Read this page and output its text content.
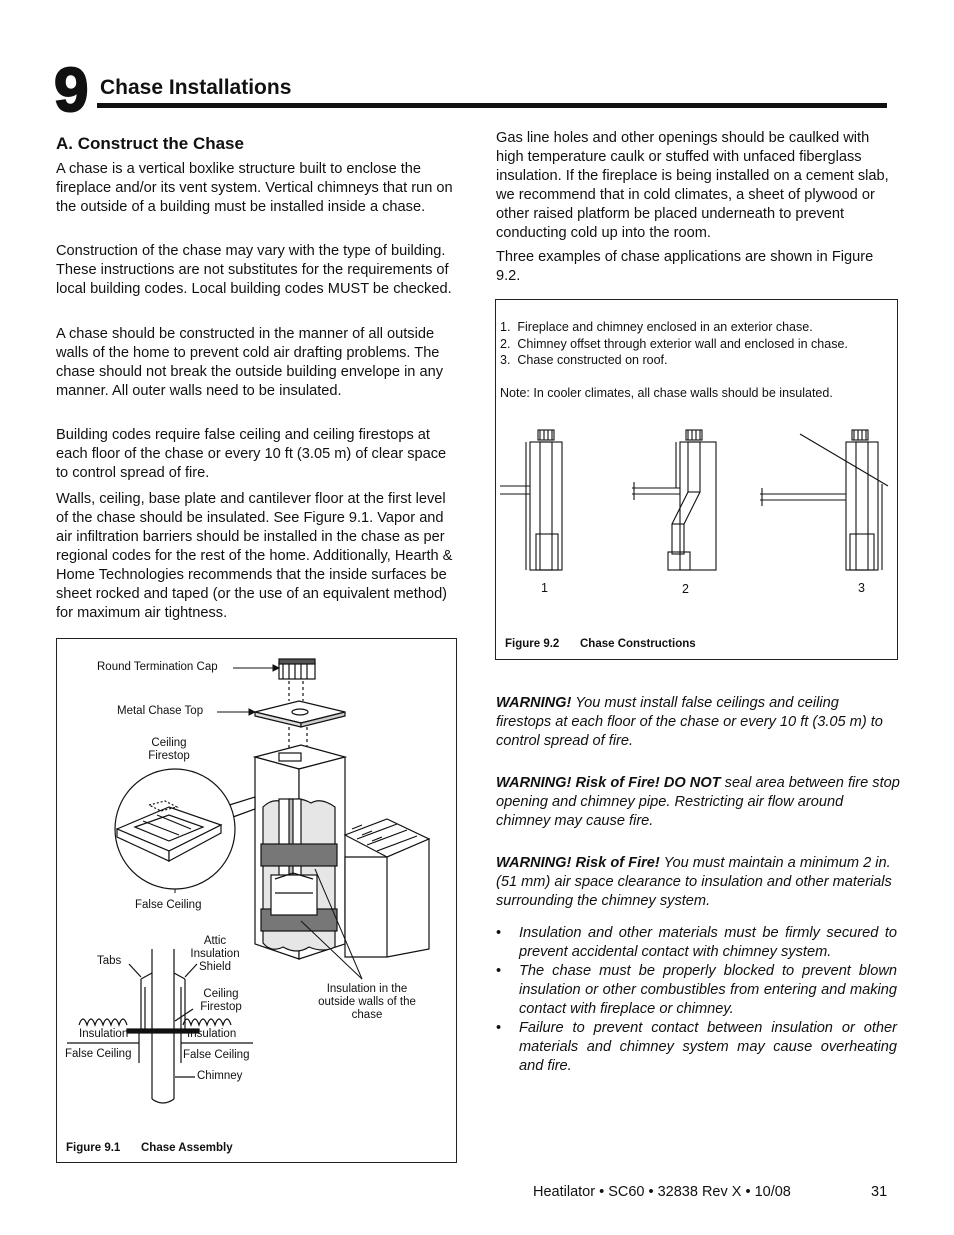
9 Chase Installations
A. Construct the Chase

A chase is a vertical boxlike structure built to enclose the fireplace and/or its vent system. Vertical chimneys that run on the outside of a building must be installed inside a chase.

Construction of the chase may vary with the type of building. These instructions are not substitutes for the requirements of local building codes. Local building codes MUST be checked.

A chase should be constructed in the manner of all outside walls of the home to prevent cold air drafting problems. The chase should not break the outside building envelope in any manner. All outer walls need to be insulated.

Building codes require false ceiling and ceiling firestops at each floor of the chase or every 10 ft (3.05 m) of clear space to control spread of fire.

Walls, ceiling, base plate and cantilever floor at the first level of the chase should be insulated. See Figure 9.1. Vapor and air infiltration barriers should be installed in the chase as per regional codes for the rest of the home. Additionally, Hearth & Home Technologies recommends that the inside surfaces be sheet rocked and taped (or the use of an equivalent method) for maximum air tightness.

Round Termination Cap
Metal Chase Top
Ceiling Firestop
False Ceiling
Tabs
Attic Insulation Shield
Ceiling Firestop
Insulation	Insulation
False Ceiling	False Ceiling
Chimney
Insulation in the outside walls of the chase
Figure 9.1 Chase Assembly

Gas line holes and other openings should be caulked with high temperature caulk or stuffed with unfaced fiberglass insulation. If the fireplace is being installed on a cement slab, we recommend that in cold climates, a sheet of plywood or other raised platform be placed underneath to prevent conducting cold up into the room.

Three examples of chase applications are shown in Figure 9.2.

1.  Fireplace and chimney enclosed in an exterior chase.
2.  Chimney offset through exterior wall and enclosed in chase.
3.  Chase constructed on roof.
Note: In cooler climates, all chase walls should be insulated.
1	2	3
Figure 9.2 Chase Constructions

WARNING! You must install false ceilings and ceiling firestops at each floor of the chase or every 10 ft (3.05 m) to control spread of fire.

WARNING! Risk of Fire! DO NOT seal area between fire stop opening and chimney pipe. Restricting air flow around chimney may cause fire.

WARNING! Risk of Fire! You must maintain a minimum 2 in. (51 mm) air space clearance to insulation and other materials surrounding the chimney system.

• Insulation and other materials must be firmly secured to prevent accidental contact with chimney system.
• The chase must be properly blocked to prevent blown insulation or other combustibles from entering and making contact with fireplace or chimney.
• Failure to prevent contact between insulation or other materials and chimney system may cause overheating and fire.
Heatilator • SC60 • 32838 Rev X • 10/08	31
